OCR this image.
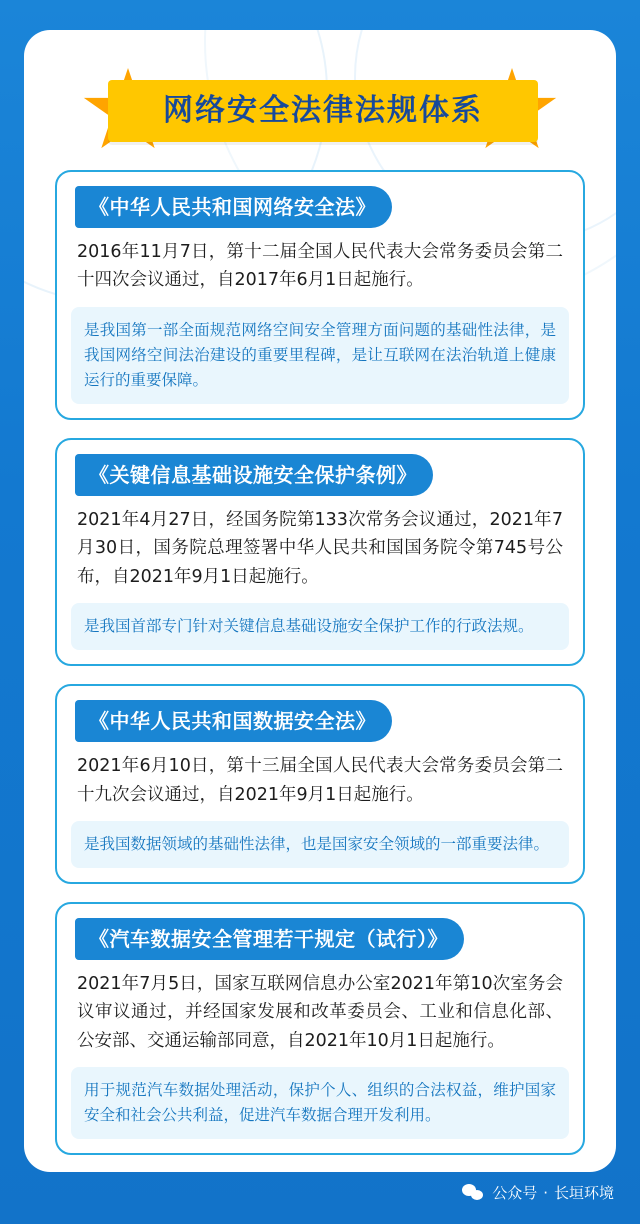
网络安全法律法规体系
《中华人民共和国网络安全法》
2016年11月7日，第十二届全国人民代表大会常务委员会第二十四次会议通过，自2017年6月1日起施行。
是我国第一部全面规范网络空间安全管理方面问题的基础性法律，是我国网络空间法治建设的重要里程碑，是让互联网在法治轨道上健康运行的重要保障。
《关键信息基础设施安全保护条例》
2021年4月27日，经国务院第133次常务会议通过，2021年7月30日，国务院总理签署中华人民共和国国务院令第745号公布，自2021年9月1日起施行。
是我国首部专门针对关键信息基础设施安全保护工作的行政法规。
《中华人民共和国数据安全法》
2021年6月10日，第十三届全国人民代表大会常务委员会第二十九次会议通过，自2021年9月1日起施行。
是我国数据领域的基础性法律，也是国家安全领域的一部重要法律。
《汽车数据安全管理若干规定（试行）》
2021年7月5日，国家互联网信息办公室2021年第10次室务会议审议通过，并经国家发展和改革委员会、工业和信息化部、公安部、交通运输部同意，自2021年10月1日起施行。
用于规范汽车数据处理活动，保护个人、组织的合法权益，维护国家安全和社会公共利益，促进汽车数据合理开发利用。
公众号 · 长垣环境
